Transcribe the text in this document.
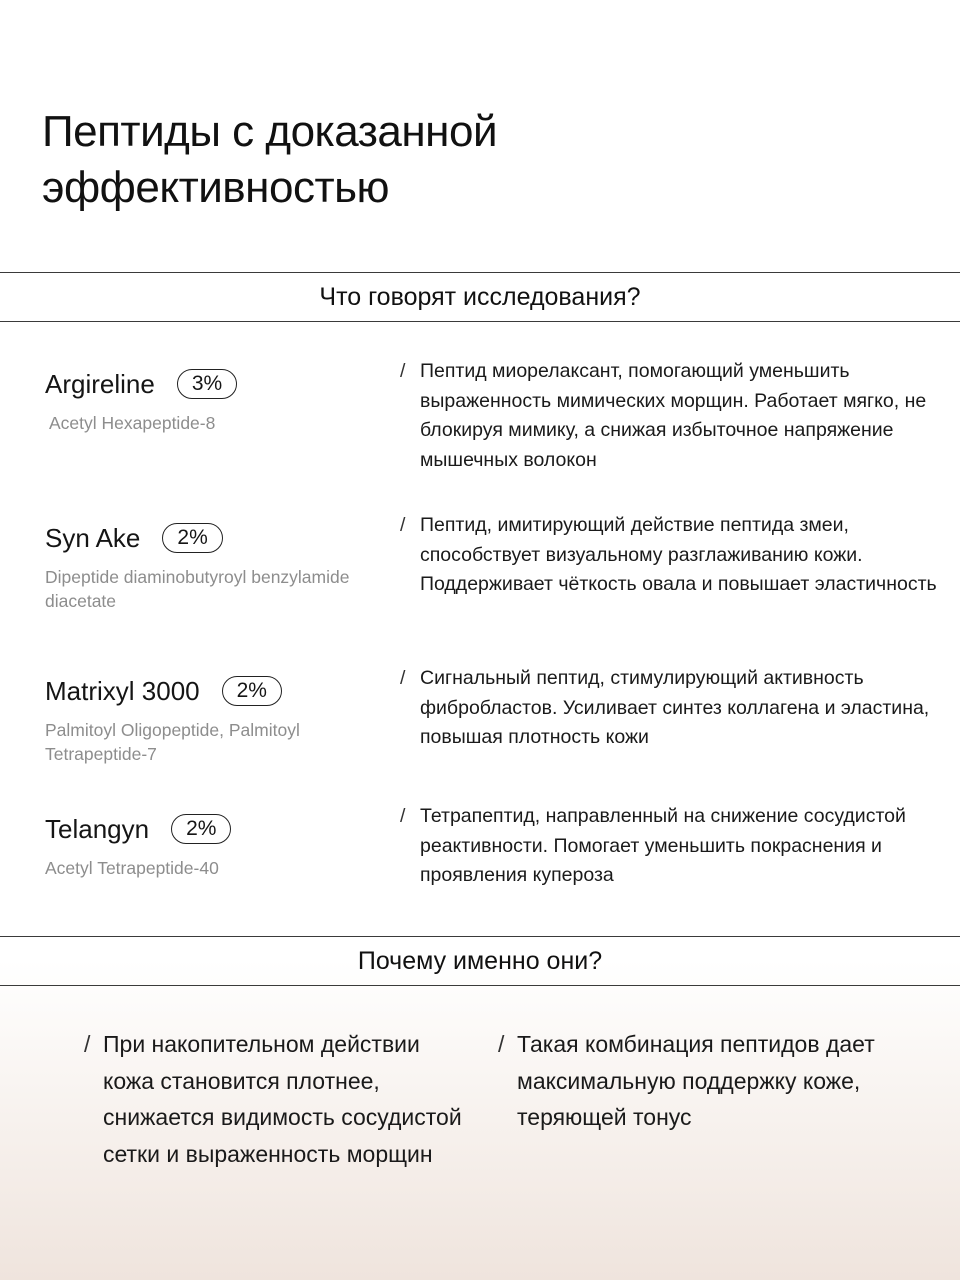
Пептиды с доказанной
эффективностью
Что говорят исследования?
Argireline	3%
Acetyl Hexapeptide-8
/ Пептид миорелаксант, помогающий уменьшить выраженность мимических морщин. Работает мягко, не блокируя мимику, а снижая избыточное напряжение мышечных волокон
Syn Ake	2%
Dipeptide diaminobutyroyl benzylamide diacetate
/ Пептид, имитирующий действие пептида змеи, способствует визуальному разглаживанию кожи. Поддерживает чёткость овала и повышает эластичность
Matrixyl 3000	2%
Palmitoyl Oligopeptide, Palmitoyl Tetrapeptide-7
/ Сигнальный пептид, стимулирующий активность фибробластов. Усиливает синтез коллагена и эластина, повышая плотность кожи
Telangyn	2%
Acetyl Tetrapeptide-40
/ Тетрапептид, направленный на снижение сосудистой реактивности. Помогает уменьшить покраснения и проявления купероза
Почему именно они?
/ При накопительном действии кожа становится плотнее, снижается видимость сосудистой сетки и выраженность морщин
/ Такая комбинация пептидов дает максимальную поддержку коже, теряющей тонус
